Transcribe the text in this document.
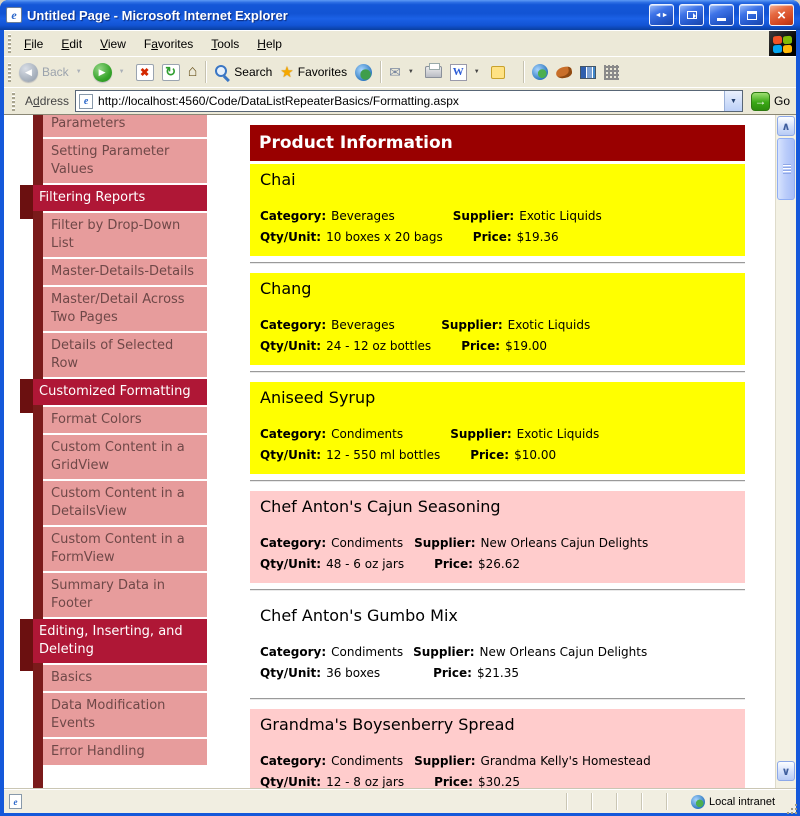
e Untitled Page - Microsoft Internet Explorer	◄►	×
File	Edit	View	Favorites	Tools	Help
◀ Back	▼	▶	▼	✖	↻ ⌂	Search ★ Favorites	✉	▼	W	▼
Address	e http://localhost:4560/Code/DataListRepeaterBasics/Formatting.aspx	▼	→ Go
Parameters
Setting Parameter Values
Filtering Reports
Filter by Drop-Down List
Master-Details-Details
Master/Detail Across Two Pages
Details of Selected Row
Customized Formatting
Format Colors
Custom Content in a GridView
Custom Content in a DetailsView
Custom Content in a FormView
Summary Data in Footer
Editing, Inserting, and Deleting
Basics
Data Modification Events
Error Handling
Product Information
Chai
Category: Beverages	Supplier: Exotic Liquids
Qty/Unit: 10 boxes x 20 bags	Price: $19.36
Chang
Category: Beverages	Supplier: Exotic Liquids
Qty/Unit: 24 - 12 oz bottles	Price: $19.00
Aniseed Syrup
Category: Condiments	Supplier: Exotic Liquids
Qty/Unit: 12 - 550 ml bottles	Price: $10.00
Chef Anton's Cajun Seasoning
Category: Condiments	Supplier: New Orleans Cajun Delights
Qty/Unit: 48 - 6 oz jars	Price: $26.62
Chef Anton's Gumbo Mix
Category: Condiments	Supplier: New Orleans Cajun Delights
Qty/Unit: 36 boxes	Price: $21.35
Grandma's Boysenberry Spread
Category: Condiments	Supplier: Grandma Kelly's Homestead
Qty/Unit: 12 - 8 oz jars	Price: $30.25
∧
∨
e	Local intranet
